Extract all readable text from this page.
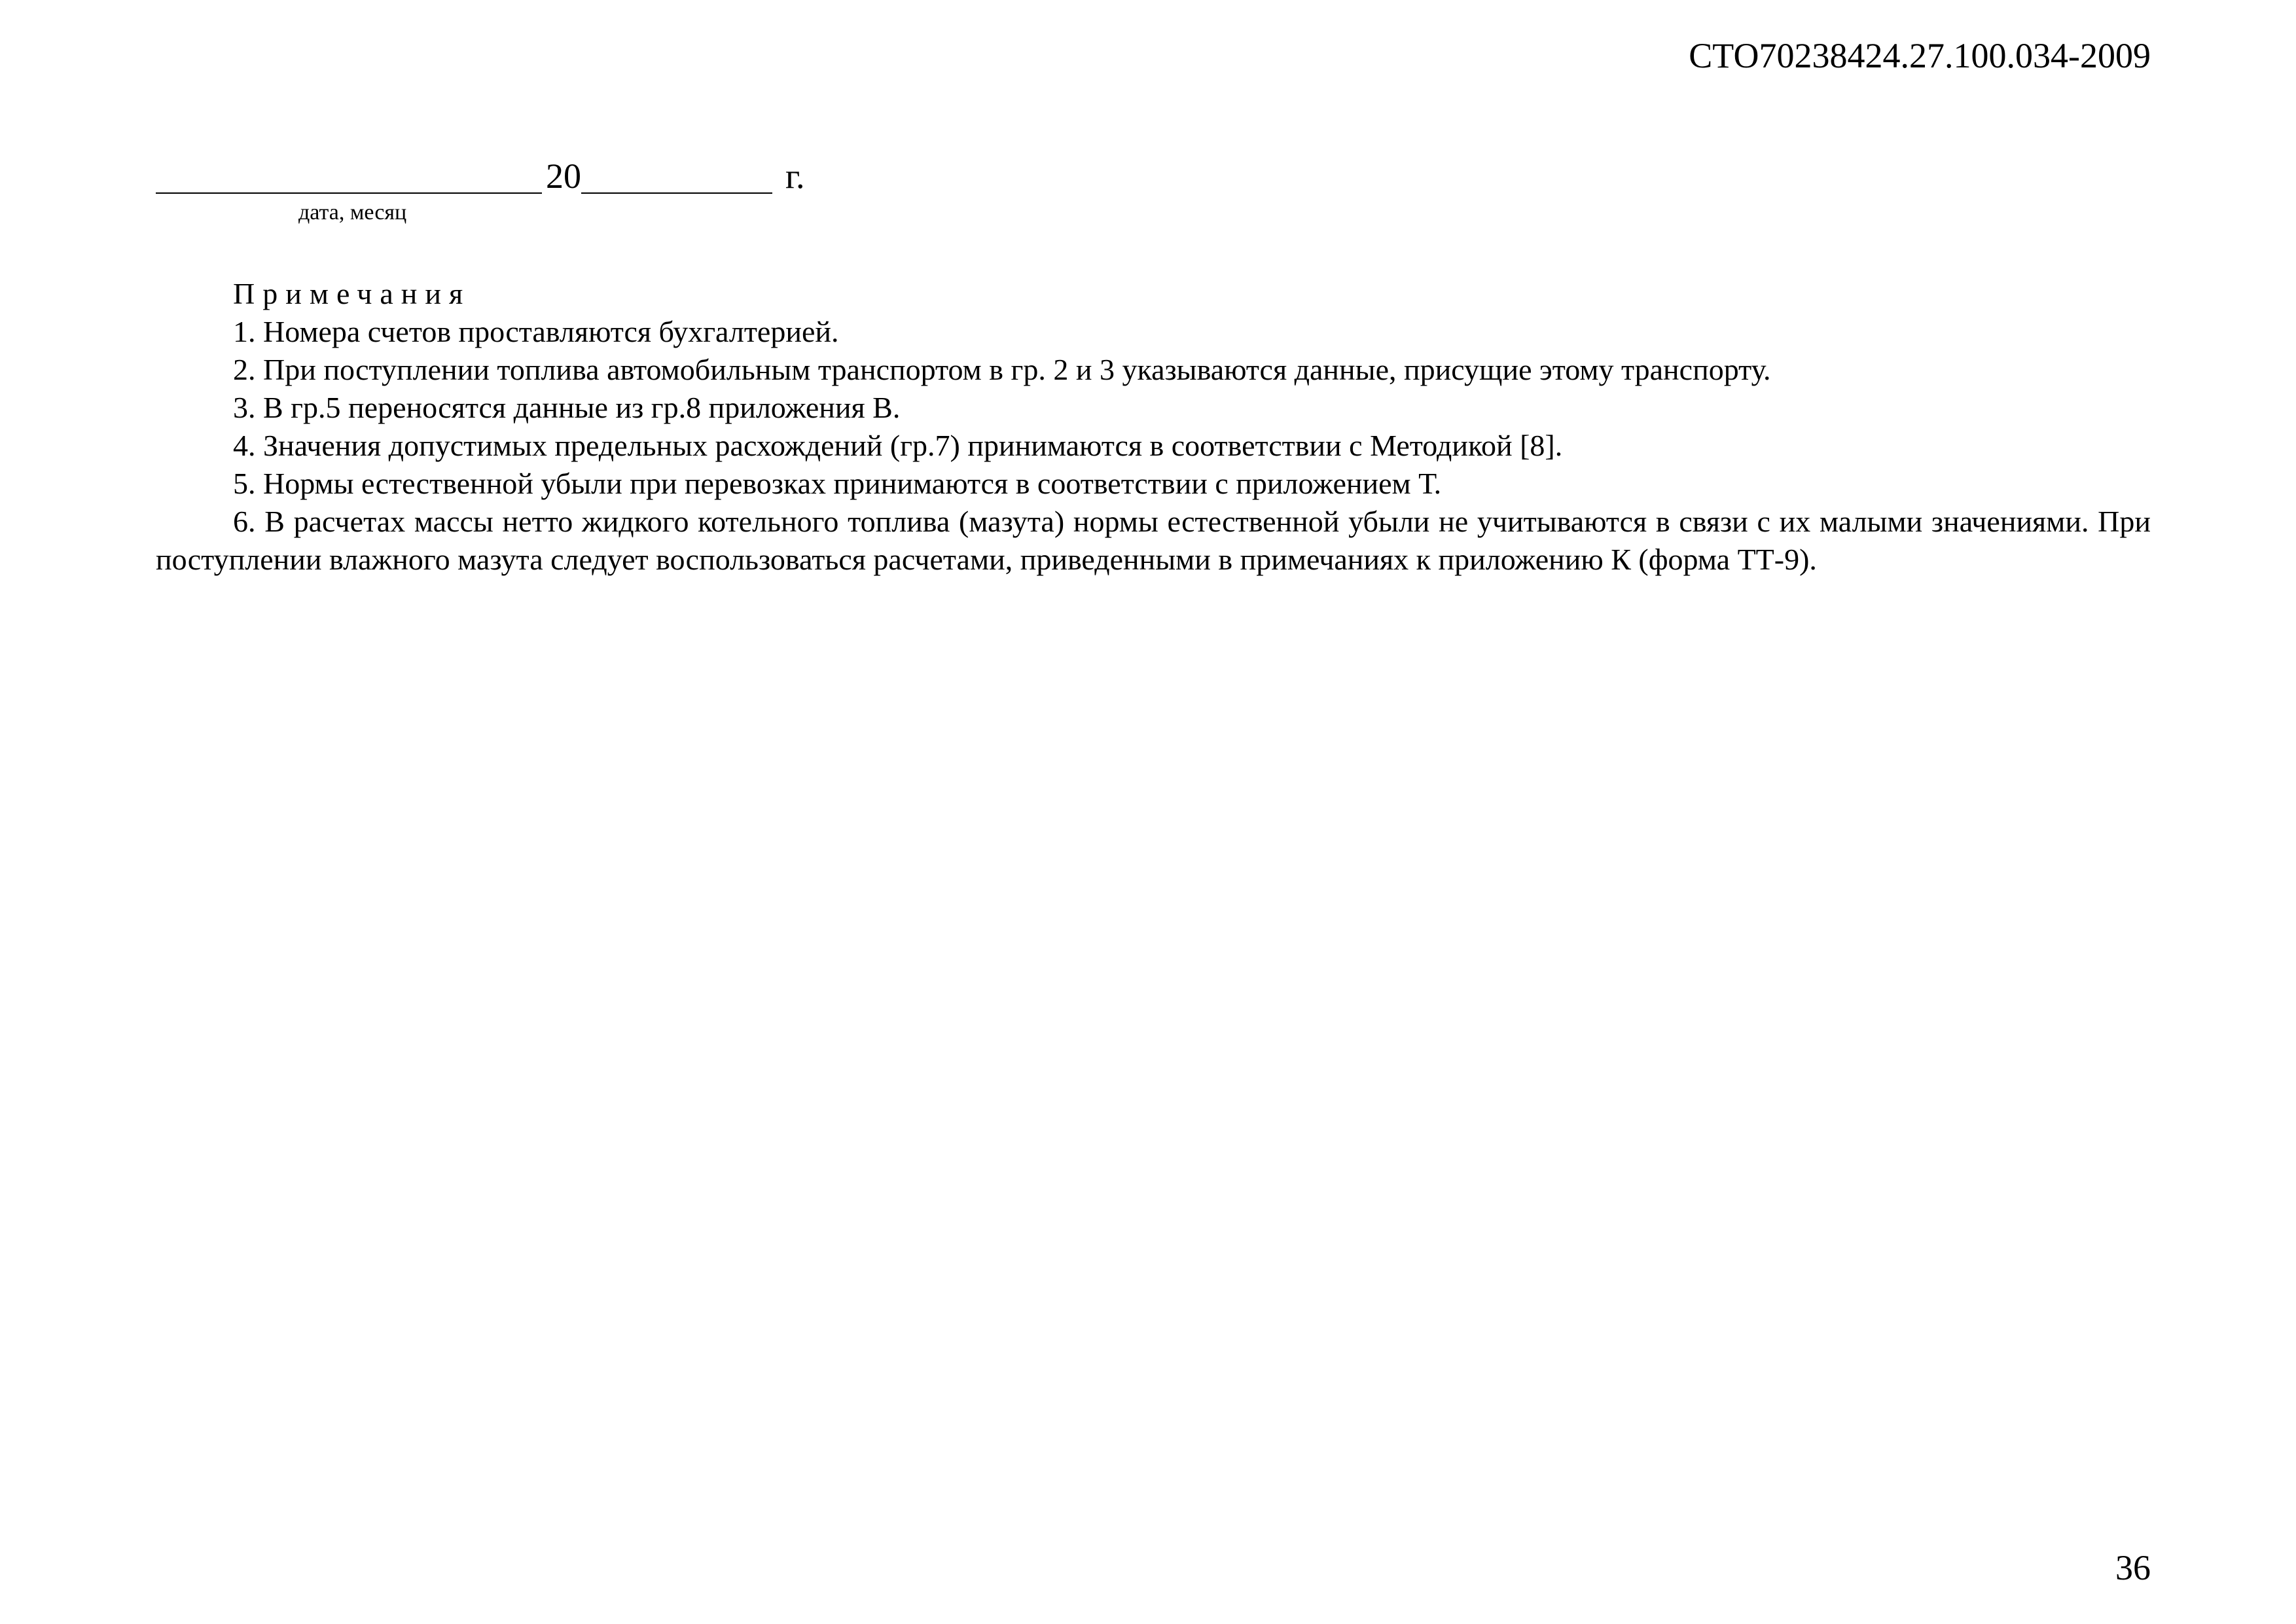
СТО70238424.27.100.034-2009
20	г.
дата, месяц
Примечания
1. Номера счетов проставляются бухгалтерией.
2. При поступлении топлива автомобильным транспортом в гр. 2 и 3 указываются данные, присущие этому транспорту.
3. В гр.5 переносятся данные из гр.8 приложения В.
4. Значения допустимых предельных расхождений (гр.7) принимаются в соответствии с Методикой [8].
5. Нормы естественной убыли при перевозках принимаются в соответствии с приложением Т.
6. В расчетах массы нетто жидкого котельного топлива (мазута) нормы естественной убыли не учитываются в связи с их малыми значениями. При поступлении влажного мазута следует воспользоваться расчетами, приведенными в примечаниях к приложению К (форма ТТ-9).
36
